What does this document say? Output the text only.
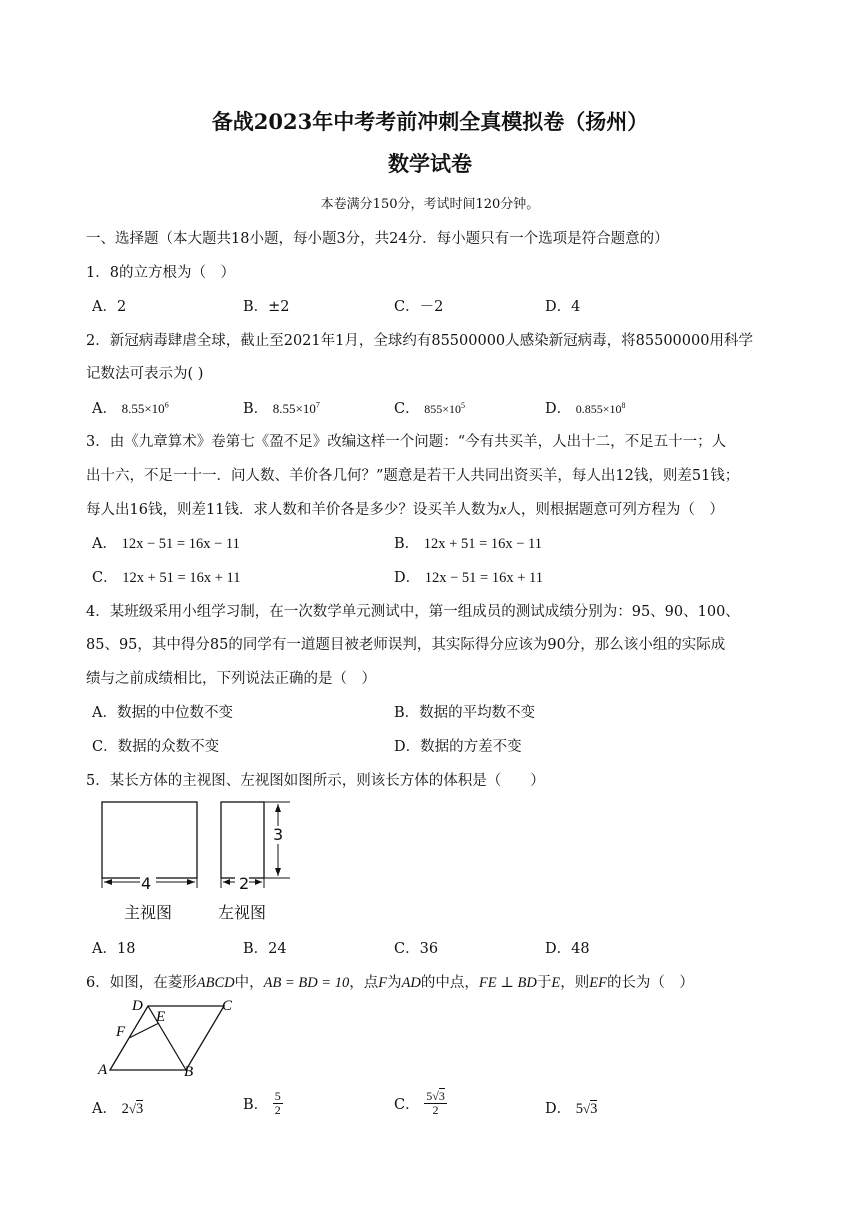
备战2023年中考考前冲刺全真模拟卷（扬州）
数学试卷
本卷满分150分，考试时间120分钟。
一、选择题（本大题共18小题，每小题3分，共24分．每小题只有一个选项是符合题意的）
1．8的立方根为（　）
A．2	B．±2	C．－2	D．4
2．新冠病毒肆虐全球，截止至2021年1月，全球约有85500000人感染新冠病毒，将85500000用科学
记数法可表示为( )
A． $8.55\times 10^6$	B． $8.55\times 10^7$	C． $855\times 10^5$	D． $0.855\times 10^8$
3．由《九章算术》卷第七《盈不足》改编这样一个问题：“今有共买羊，人出十二，不足五十一；人
出十六，不足一十一．问人数、羊价各几何？”题意是若干人共同出资买羊，每人出12钱，则差51钱；
每人出16钱，则差11钱．求人数和羊价各是多少？设买羊人数为x人，则根据题意可列方程为（　）
A． 12x − 51 = 16x − 11	B． 12x + 51 = 16x − 11
C． 12x + 51 = 16x + 11	D． 12x − 51 = 16x + 11
4．某班级采用小组学习制，在一次数学单元测试中，第一组成员的测试成绩分别为：95、90、100、
85、95，其中得分85的同学有一道题目被老师误判，其实际得分应该为90分，那么该小组的实际成
绩与之前成绩相比，下列说法正确的是（　）
A．数据的中位数不变	B．数据的平均数不变
C．数据的众数不变	D．数据的方差不变
5．某长方体的主视图、左视图如图所示，则该长方体的体积是（　　）
4	2
3
主视图	左视图
A．18	B．24	C．36	D．48
6．如图，在菱形ABCD中，AB = BD = 10，点F为AD的中点，FE ⊥ BD于E，则EF的长为（　）
D
E
C
F
A	B
A． 2√3	B． $\frac{5}{2}$	C． $\frac{5√3}{2}$	D． 5√3
